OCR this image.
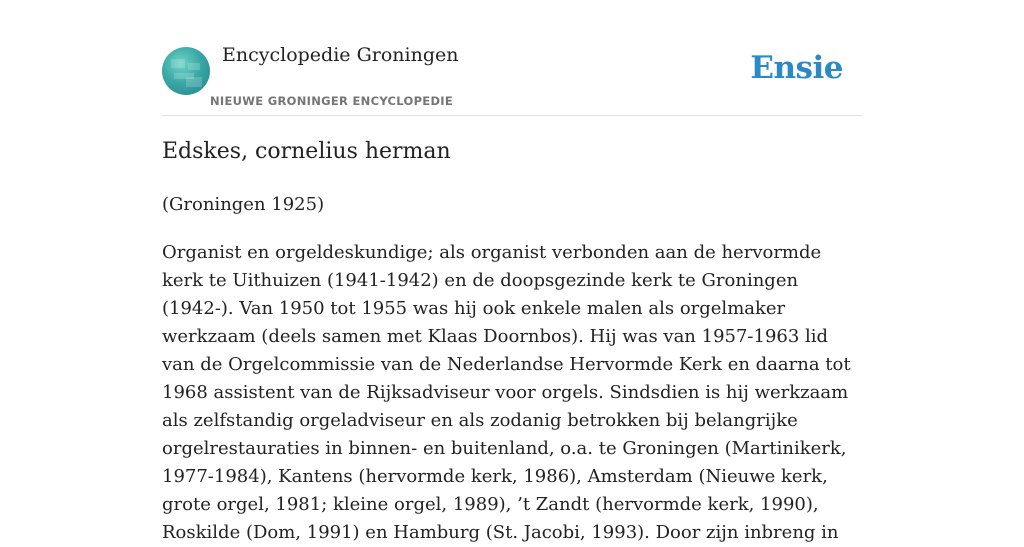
Encyclopedie Groningen
NIEUWE GRONINGER ENCYCLOPEDIE
Ensie
Edskes, cornelius herman
(Groningen 1925)

Organist en orgeldeskundige; als organist verbonden aan de hervormde kerk te Uithuizen (1941-1942) en de doopsgezinde kerk te Groningen (1942-). Van 1950 tot 1955 was hij ook enkele malen als orgelmaker werkzaam (deels samen met Klaas Doornbos). Hij was van 1957-1963 lid van de Orgelcommissie van de Nederlandse Hervormde Kerk en daarna tot 1968 assistent van de Rijksadviseur voor orgels. Sindsdien is hij werkzaam als zelfstandig orgeladviseur en als zodanig betrokken bij belangrijke orgelrestauraties in binnen- en buitenland, o.a. te Groningen (Martinikerk, 1977-1984), Kantens (hervormde kerk, 1986), Amsterdam (Nieuwe kerk, grote orgel, 1981; kleine orgel, 1989), ’t Zandt (hervormde kerk, 1990), Roskilde (Dom, 1991) en Hamburg (St. Jacobi, 1993). Door zijn inbreng in
